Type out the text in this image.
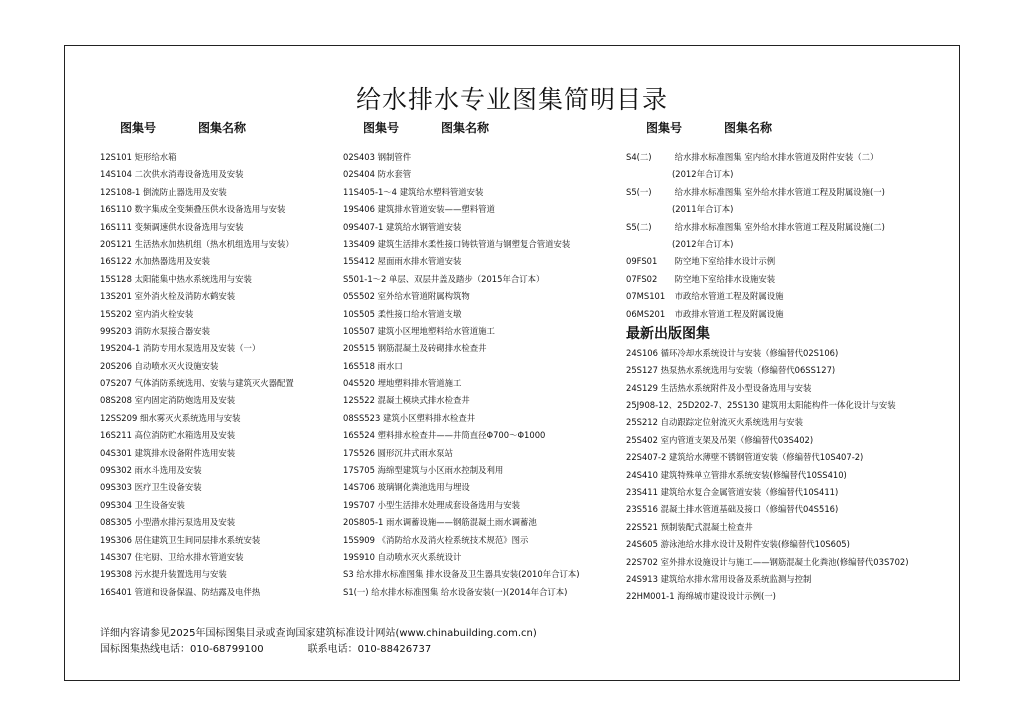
给水排水专业图集简明目录
图集号	图集名称
12S101 矩形给水箱
14S104 二次供水消毒设备选用及安装
12S108-1 倒流防止器选用及安装
16S110 数字集成全变频叠压供水设备选用与安装
16S111 变频调速供水设备选用与安装
20S121 生活热水加热机组（热水机组选用与安装）
16S122 水加热器选用及安装
15S128 太阳能集中热水系统选用与安装
13S201 室外消火栓及消防水鹤安装
15S202 室内消火栓安装
99S203 消防水泵接合器安装
19S204-1 消防专用水泵选用及安装（一）
20S206 自动喷水灭火设施安装
07S207 气体消防系统选用、安装与建筑灭火器配置
08S208 室内固定消防炮选用及安装
12SS209 细水雾灭火系统选用与安装
16S211 高位消防贮水箱选用及安装
04S301 建筑排水设备附件选用安装
09S302 雨水斗选用及安装
09S303 医疗卫生设备安装
09S304 卫生设备安装
08S305 小型潜水排污泵选用及安装
19S306 居住建筑卫生间同层排水系统安装
14S307 住宅厨、卫给水排水管道安装
19S308 污水提升装置选用与安装
16S401 管道和设备保温、防结露及电伴热
图集号	图集名称
02S403 钢制管件
02S404 防水套管
11S405-1～4 建筑给水塑料管道安装
19S406 建筑排水管道安装——塑料管道
09S407-1 建筑给水钢管道安装
13S409 建筑生活排水柔性接口铸铁管道与钢塑复合管道安装
15S412 屋面雨水排水管道安装
S501-1～2 单层、双层井盖及踏步（2015年合订本）
05S502 室外给水管道附属构筑物
10S505 柔性接口给水管道支墩
10S507 建筑小区埋地塑料给水管道施工
20S515 钢筋混凝土及砖砌排水检查井
16S518 雨水口
04S520 埋地塑料排水管道施工
12S522 混凝土模块式排水检查井
08SS523 建筑小区塑料排水检查井
16S524 塑料排水检查井——井筒直径Φ700～Φ1000
17S526 圆形沉井式雨水泵站
17S705 海绵型建筑与小区雨水控制及利用
14S706 玻璃钢化粪池选用与埋设
19S707 小型生活排水处理成套设备选用与安装
20S805-1 雨水调蓄设施——钢筋混凝土雨水调蓄池
15S909 《消防给水及消火栓系统技术规范》图示
19S910 自动喷水灭火系统设计
S3 给水排水标准图集 排水设备及卫生器具安装(2010年合订本)
S1(一) 给水排水标准图集 给水设备安装(一)(2014年合订本)
图集号	图集名称
S4(二)	给水排水标准图集 室内给水排水管道及附件安装（二）
(2012年合订本)
S5(一)	给水排水标准图集 室外给水排水管道工程及附属设施(一)
(2011年合订本)
S5(二)	给水排水标准图集 室外给水排水管道工程及附属设施(二)
(2012年合订本)
09FS01 防空地下室给排水设计示例
07FS02 防空地下室给排水设施安装
07MS101 市政给水管道工程及附属设施
06MS201 市政排水管道工程及附属设施
最新出版图集
24S106 循环冷却水系统设计与安装（修编替代02S106)
25S127 热泵热水系统选用与安装（修编替代06SS127)
24S129 生活热水系统附件及小型设备选用与安装
25J908-12、25D202-7、25S130 建筑用太阳能构件一体化设计与安装
25S212 自动跟踪定位射流灭火系统选用与安装
25S402 室内管道支架及吊架（修编替代03S402)
22S407-2 建筑给水薄壁不锈钢管道安装（修编替代10S407-2)
24S410 建筑特殊单立管排水系统安装(修编替代10SS410)
23S411 建筑给水复合金属管道安装（修编替代10S411)
23S516 混凝土排水管道基础及接口（修编替代04S516)
22S521 预制装配式混凝土检查井
24S605 游泳池给水排水设计及附件安装(修编替代10S605)
22S702 室外排水设施设计与施工——钢筋混凝土化粪池(修编替代03S702)
24S913 建筑给水排水常用设备及系统监测与控制
22HM001-1 海绵城市建设设计示例(一)
详细内容请参见2025年国标图集目录或查询国家建筑标准设计网站(www.chinabuilding.com.cn)
国标图集热线电话：010-68799100	联系电话：010-88426737
